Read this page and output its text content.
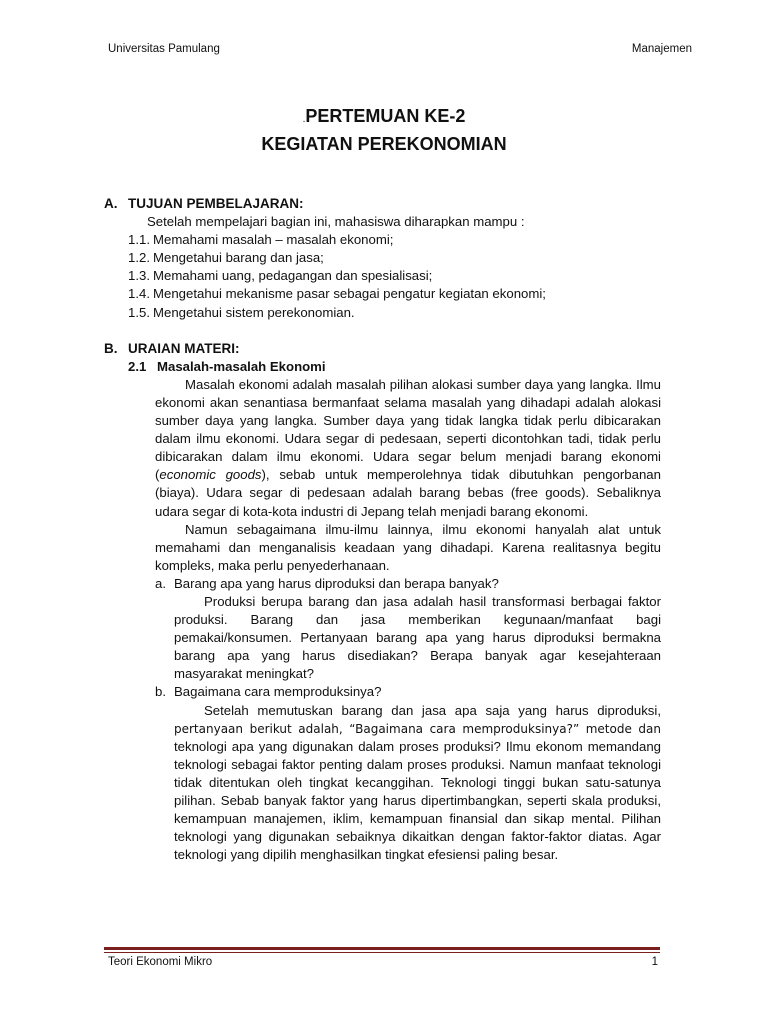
Universitas Pamulang	Manajemen
.PERTEMUAN KE-2
KEGIATAN PEREKONOMIAN
A. TUJUAN PEMBELAJARAN:
Setelah mempelajari bagian ini, mahasiswa diharapkan mampu :
1.1. Memahami masalah – masalah ekonomi;
1.2. Mengetahui barang dan jasa;
1.3. Memahami uang, pedagangan dan spesialisasi;
1.4. Mengetahui mekanisme pasar sebagai pengatur kegiatan ekonomi;
1.5. Mengetahui sistem perekonomian.
B. URAIAN MATERI:
2.1 Masalah-masalah Ekonomi
Masalah ekonomi adalah masalah pilihan alokasi sumber daya yang langka. Ilmu ekonomi akan senantiasa bermanfaat selama masalah yang dihadapi adalah alokasi sumber daya yang langka. Sumber daya yang tidak langka tidak perlu dibicarakan dalam ilmu ekonomi. Udara segar di pedesaan, seperti dicontohkan tadi, tidak perlu dibicarakan dalam ilmu ekonomi. Udara segar belum menjadi barang ekonomi (economic goods), sebab untuk memperolehnya tidak dibutuhkan pengorbanan (biaya). Udara segar di pedesaan adalah barang bebas (free goods). Sebaliknya udara segar di kota-kota industri di Jepang telah menjadi barang ekonomi.
Namun sebagaimana ilmu-ilmu lainnya, ilmu ekonomi hanyalah alat untuk memahami dan menganalisis keadaan yang dihadapi. Karena realitasnya begitu kompleks, maka perlu penyederhanaan.
a. Barang apa yang harus diproduksi dan berapa banyak?
Produksi berupa barang dan jasa adalah hasil transformasi berbagai faktor produksi. Barang dan jasa memberikan kegunaan/manfaat bagi pemakai/konsumen. Pertanyaan barang apa yang harus diproduksi bermakna barang apa yang harus disediakan? Berapa banyak agar kesejahteraan masyarakat meningkat?
b. Bagaimana cara memproduksinya?
Setelah memutuskan barang dan jasa apa saja yang harus diproduksi, pertanyaan berikut adalah, “Bagaimana cara memproduksinya?” metode dan teknologi apa yang digunakan dalam proses produksi? Ilmu ekonom memandang teknologi sebagai faktor penting dalam proses produksi. Namun manfaat teknologi tidak ditentukan oleh tingkat kecanggihan. Teknologi tinggi bukan satu-satunya pilihan. Sebab banyak faktor yang harus dipertimbangkan, seperti skala produksi, kemampuan manajemen, iklim, kemampuan finansial dan sikap mental. Pilihan teknologi yang digunakan sebaiknya dikaitkan dengan faktor-faktor diatas. Agar teknologi yang dipilih menghasilkan tingkat efesiensi paling besar.
Teori Ekonomi Mikro	1
